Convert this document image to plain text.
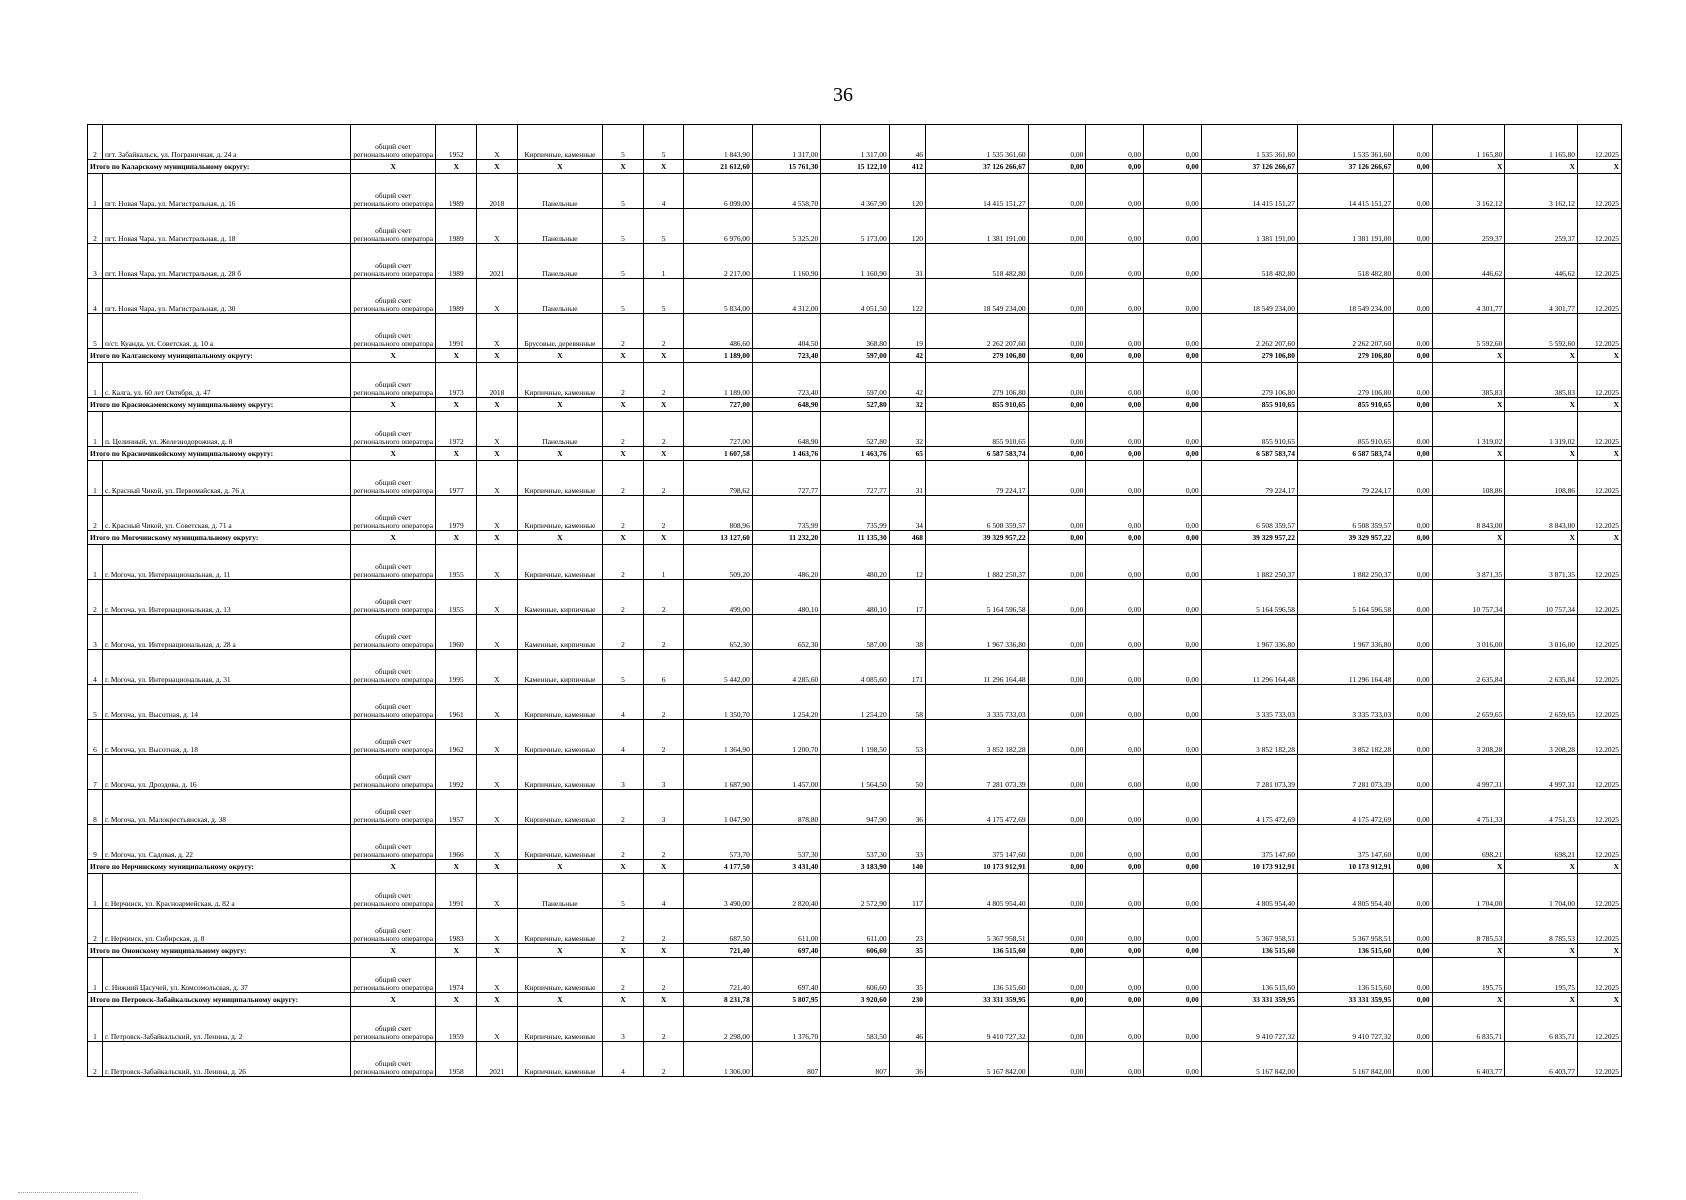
36
2	пгт. Забайкальск, ул. Пограничная, д. 24 а	общий счет регионального оператора	1952	X	Кирпичные, каменные	5	5	1 843,90	1 317,00	1 317,00	46	1 535 361,60	0,00	0,00	0,00	1 535 361,60	1 535 361,60	0,00	1 165,80	1 165,80	12.2025
Итого по Каларскому муниципальному округу:		X	X	X	X	X	X	21 612,60	15 761,30	15 122,10	412	37 126 266,67	0,00	0,00	0,00	37 126 266,67	37 126 266,67	0,00	X	X	X
1	пгт. Новая Чара, ул. Магистральная, д. 16	общий счет регионального оператора	1989	2018	Панельные	5	4	6 099,00	4 558,70	4 367,90	120	14 415 151,27	0,00	0,00	0,00	14 415 151,27	14 415 151,27	0,00	3 162,12	3 162,12	12.2025
2	пгт. Новая Чара, ул. Магистральная, д. 18	общий счет регионального оператора	1989	X	Панельные	5	5	6 976,00	5 325,20	5 173,00	120	1 381 191,00	0,00	0,00	0,00	1 381 191,00	1 381 191,00	0,00	259,37	259,37	12.2025
3	пгт. Новая Чара, ул. Магистральная, д. 28 б	общий счет регионального оператора	1989	2021	Панельные	5	1	2 217,00	1 160,90	1 160,90	31	518 482,80	0,00	0,00	0,00	518 482,80	518 482,80	0,00	446,62	446,62	12.2025
4	пгт. Новая Чара, ул. Магистральная, д. 30	общий счет регионального оператора	1989	X	Панельные	5	5	5 834,00	4 312,00	4 051,50	122	18 549 234,00	0,00	0,00	0,00	18 549 234,00	18 549 234,00	0,00	4 301,77	4 301,77	12.2025
5	п/ст. Куанда, ул. Советская, д. 10 а	общий счет регионального оператора	1991	X	Брусовые, деревянные	2	2	486,60	404,50	368,80	19	2 262 207,60	0,00	0,00	0,00	2 262 207,60	2 262 207,60	0,00	5 592,60	5 592,60	12.2025
Итого по Калганскому муниципальному округу:		X	X	X	X	X	X	1 189,00	723,40	597,00	42	279 106,80	0,00	0,00	0,00	279 106,80	279 106,80	0,00	X	X	X
1	с. Калга, ул. 60 лет Октября, д. 47	общий счет регионального оператора	1973	2018	Кирпичные, каменные	2	2	1 189,00	723,40	597,00	42	279 106,80	0,00	0,00	0,00	279 106,80	279 106,80	0,00	385,83	385,83	12.2025
Итого по Краснокаменскому муниципальному округу:		X	X	X	X	X	X	727,00	648,90	527,80	32	855 910,65	0,00	0,00	0,00	855 910,65	855 910,65	0,00	X	X	X
1	п. Целинный, ул. Железнодорожная, д. 8	общий счет регионального оператора	1972	X	Панельные	2	2	727,00	648,90	527,80	32	855 910,65	0,00	0,00	0,00	855 910,65	855 910,65	0,00	1 319,02	1 319,02	12.2025
Итого по Красночикойскому муниципальному округу:		X	X	X	X	X	X	1 607,58	1 463,76	1 463,76	65	6 587 583,74	0,00	0,00	0,00	6 587 583,74	6 587 583,74	0,00	X	X	X
1	с. Красный Чикой, ул. Первомайская, д. 76 д	общий счет регионального оператора	1977	X	Кирпичные, каменные	2	2	798,62	727,77	727,77	31	79 224,17	0,00	0,00	0,00	79 224,17	79 224,17	0,00	108,86	108,86	12.2025
2	с. Красный Чикой, ул. Советская, д. 71 а	общий счет регионального оператора	1979	X	Кирпичные, каменные	2	2	808,96	735,99	735,99	34	6 508 359,57	0,00	0,00	0,00	6 508 359,57	6 508 359,57	0,00	8 843,00	8 843,00	12.2025
Итого по Могочинскому муниципальному округу:		X	X	X	X	X	X	13 127,60	11 232,20	11 135,30	468	39 329 957,22	0,00	0,00	0,00	39 329 957,22	39 329 957,22	0,00	X	X	X
1	г. Могоча, ул. Интернациональная, д. 11	общий счет регионального оператора	1955	X	Кирпичные, каменные	2	1	509,20	486,20	480,20	12	1 882 250,37	0,00	0,00	0,00	1 882 250,37	1 882 250,37	0,00	3 871,35	3 871,35	12.2025
2	г. Могоча, ул. Интернациональная, д. 13	общий счет регионального оператора	1955	X	Каменные, кирпичные	2	2	499,00	480,10	480,10	17	5 164 596,58	0,00	0,00	0,00	5 164 596,58	5 164 596,58	0,00	10 757,34	10 757,34	12.2025
3	г. Могоча, ул. Интернациональная, д. 28 а	общий счет регионального оператора	1960	X	Каменные, кирпичные	2	2	652,30	652,30	587,00	38	1 967 336,80	0,00	0,00	0,00	1 967 336,80	1 967 336,80	0,00	3 016,00	3 016,00	12.2025
4	г. Могоча, ул. Интернациональная, д. 31	общий счет регионального оператора	1995	X	Каменные, кирпичные	5	6	5 442,00	4 285,60	4 085,60	171	11 296 164,48	0,00	0,00	0,00	11 296 164,48	11 296 164,48	0,00	2 635,84	2 635,84	12.2025
5	г. Могоча, ул. Высотная, д. 14	общий счет регионального оператора	1961	X	Кирпичные, каменные	4	2	1 350,70	1 254,20	1 254,20	58	3 335 733,03	0,00	0,00	0,00	3 335 733,03	3 335 733,03	0,00	2 659,65	2 659,65	12.2025
6	г. Могоча, ул. Высотная, д. 18	общий счет регионального оператора	1962	X	Кирпичные, каменные	4	2	1 364,90	1 200,70	1 198,50	53	3 852 182,28	0,00	0,00	0,00	3 852 182,28	3 852 182,28	0,00	3 208,28	3 208,28	12.2025
7	г. Могоча, ул. Дроздова, д. 16	общий счет регионального оператора	1992	X	Кирпичные, каменные	3	3	1 687,90	1 457,00	1 564,50	50	7 281 073,39	0,00	0,00	0,00	7 281 073,39	7 281 073,39	0,00	4 997,31	4 997,31	12.2025
8	г. Могоча, ул. Малокрестьянская, д. 38	общий счет регионального оператора	1957	X	Кирпичные, каменные	2	3	1 047,90	878,80	947,90	36	4 175 472,69	0,00	0,00	0,00	4 175 472,69	4 175 472,69	0,00	4 751,33	4 751,33	12.2025
9	г. Могоча, ул. Садовая, д. 22	общий счет регионального оператора	1966	X	Кирпичные, каменные	2	2	573,70	537,30	537,30	33	375 147,60	0,00	0,00	0,00	375 147,60	375 147,60	0,00	698,21	698,21	12.2025
Итого по Нерчинскому муниципальному округу:		X	X	X	X	X	X	4 177,50	3 431,40	3 183,90	140	10 173 912,91	0,00	0,00	0,00	10 173 912,91	10 173 912,91	0,00	X	X	X
1	г. Нерчинск, ул. Красноармейская, д. 82 а	общий счет регионального оператора	1991	X	Панельные	5	4	3 490,00	2 820,40	2 572,90	117	4 805 954,40	0,00	0,00	0,00	4 805 954,40	4 805 954,40	0,00	1 704,00	1 704,00	12.2025
2	г. Нерчинск, ул. Сибирская, д. 8	общий счет регионального оператора	1983	X	Кирпичные, каменные	2	2	687,50	611,00	611,00	23	5 367 958,51	0,00	0,00	0,00	5 367 958,51	5 367 958,51	0,00	8 785,53	8 785,53	12.2025
Итого по Ононскому муниципальному округу:		X	X	X	X	X	X	721,40	697,40	606,60	35	136 515,60	0,00	0,00	0,00	136 515,60	136 515,60	0,00	X	X	X
1	с. Нижний Цасучей, ул. Комсомольская, д. 37	общий счет регионального оператора	1974	X	Кирпичные, каменные	2	2	721,40	697,40	606,60	35	136 515,60	0,00	0,00	0,00	136 515,60	136 515,60	0,00	195,75	195,75	12.2025
Итого по Петровск-Забайкальскому муниципальному округу:		X	X	X	X	X	X	8 231,78	5 807,95	3 920,60	230	33 331 359,95	0,00	0,00	0,00	33 331 359,95	33 331 359,95	0,00	X	X	X
1	г. Петровск-Забайкальский, ул. Ленина, д. 2	общий счет регионального оператора	1959	X	Кирпичные, каменные	3	2	2 298,00	1 376,70	583,50	46	9 410 727,32	0,00	0,00	0,00	9 410 727,32	9 410 727,32	0,00	6 835,71	6 835,71	12.2025
2	г. Петровск-Забайкальский, ул. Ленина, д. 26	общий счет регионального оператора	1958	2021	Кирпичные, каменные	4	2	1 306,00	807	807	36	5 167 842,00	0,00	0,00	0,00	5 167 842,00	5 167 842,00	0,00	6 403,77	6 403,77	12.2025
